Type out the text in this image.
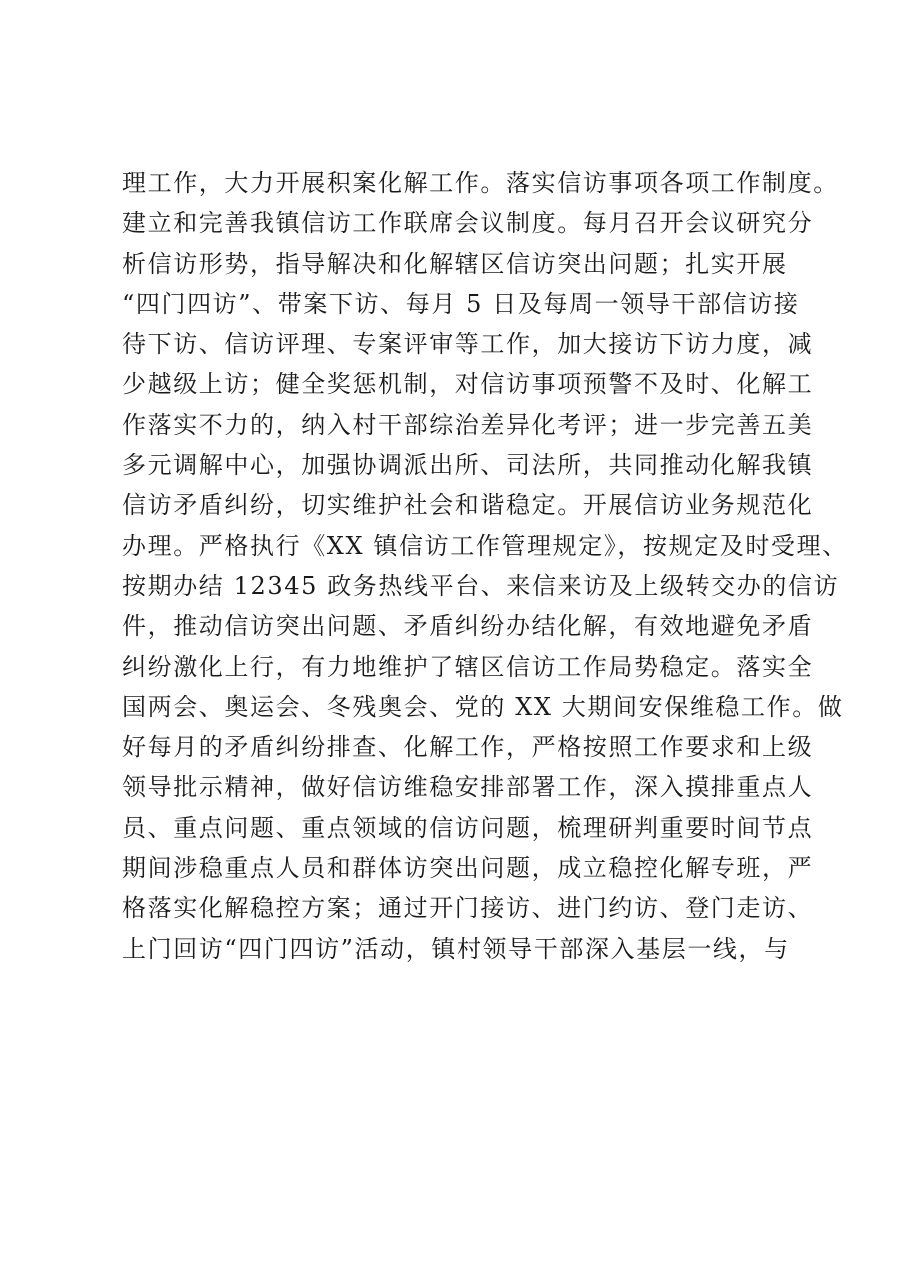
理工作，大力开展积案化解工作。落实信访事项各项工作制度。
建立和完善我镇信访工作联席会议制度。每月召开会议研究分
析信访形势，指导解决和化解辖区信访突出问题；扎实开展
“四门四访”、带案下访、每月 5 日及每周一领导干部信访接
待下访、信访评理、专案评审等工作，加大接访下访力度，减
少越级上访；健全奖惩机制，对信访事项预警不及时、化解工
作落实不力的，纳入村干部综治差异化考评；进一步完善五美
多元调解中心，加强协调派出所、司法所，共同推动化解我镇
信访矛盾纠纷，切实维护社会和谐稳定。开展信访业务规范化
办理。严格执行《XX 镇信访工作管理规定》，按规定及时受理、
按期办结 12345 政务热线平台、来信来访及上级转交办的信访
件，推动信访突出问题、矛盾纠纷办结化解，有效地避免矛盾
纠纷激化上行，有力地维护了辖区信访工作局势稳定。落实全
国两会、奥运会、冬残奥会、党的 XX 大期间安保维稳工作。做
好每月的矛盾纠纷排查、化解工作，严格按照工作要求和上级
领导批示精神，做好信访维稳安排部署工作，深入摸排重点人
员、重点问题、重点领域的信访问题，梳理研判重要时间节点
期间涉稳重点人员和群体访突出问题，成立稳控化解专班，严
格落实化解稳控方案；通过开门接访、进门约访、登门走访、
上门回访“四门四访”活动，镇村领导干部深入基层一线，与
